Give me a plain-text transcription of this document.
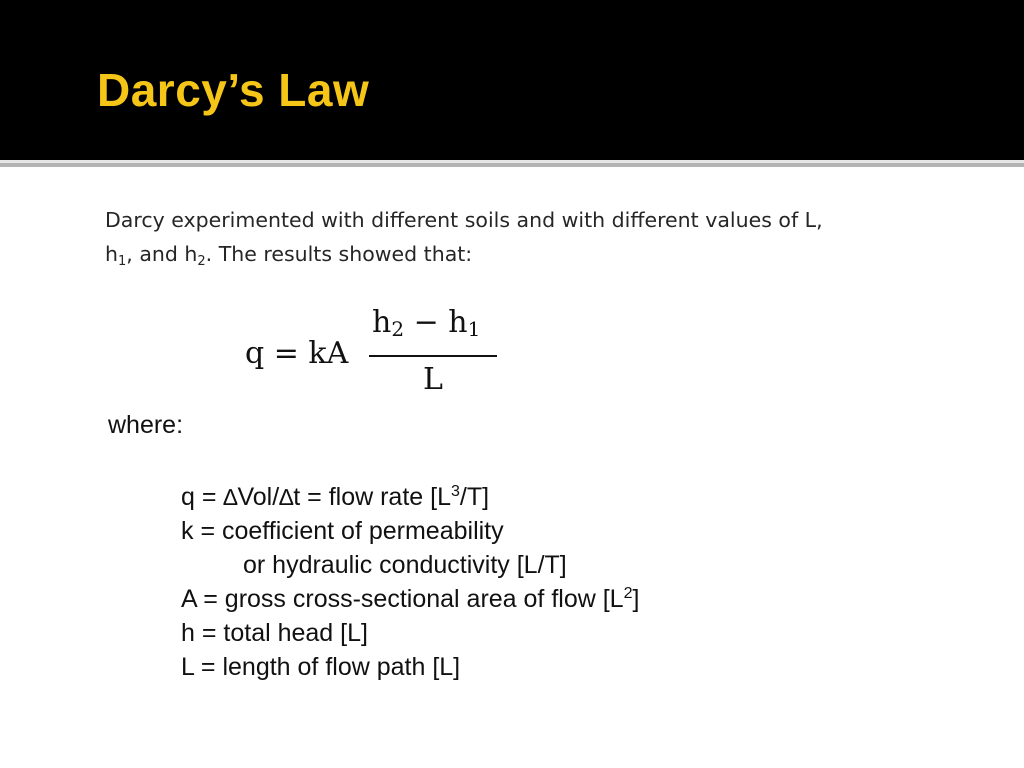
Darcy’s Law

Darcy experimented with different soils and with different values of L,
$h_1$, and $h_2$. The results showed that:

q = kA
$h_2 - h_1$
L

where:

q = ∆Vol/∆t = flow rate $[L^3/T]$
k = coefficient of permeability
or hydraulic conductivity [L/T]
A = gross cross-sectional area of flow $[L^2]$
h = total head [L]
L = length of flow path [L]
